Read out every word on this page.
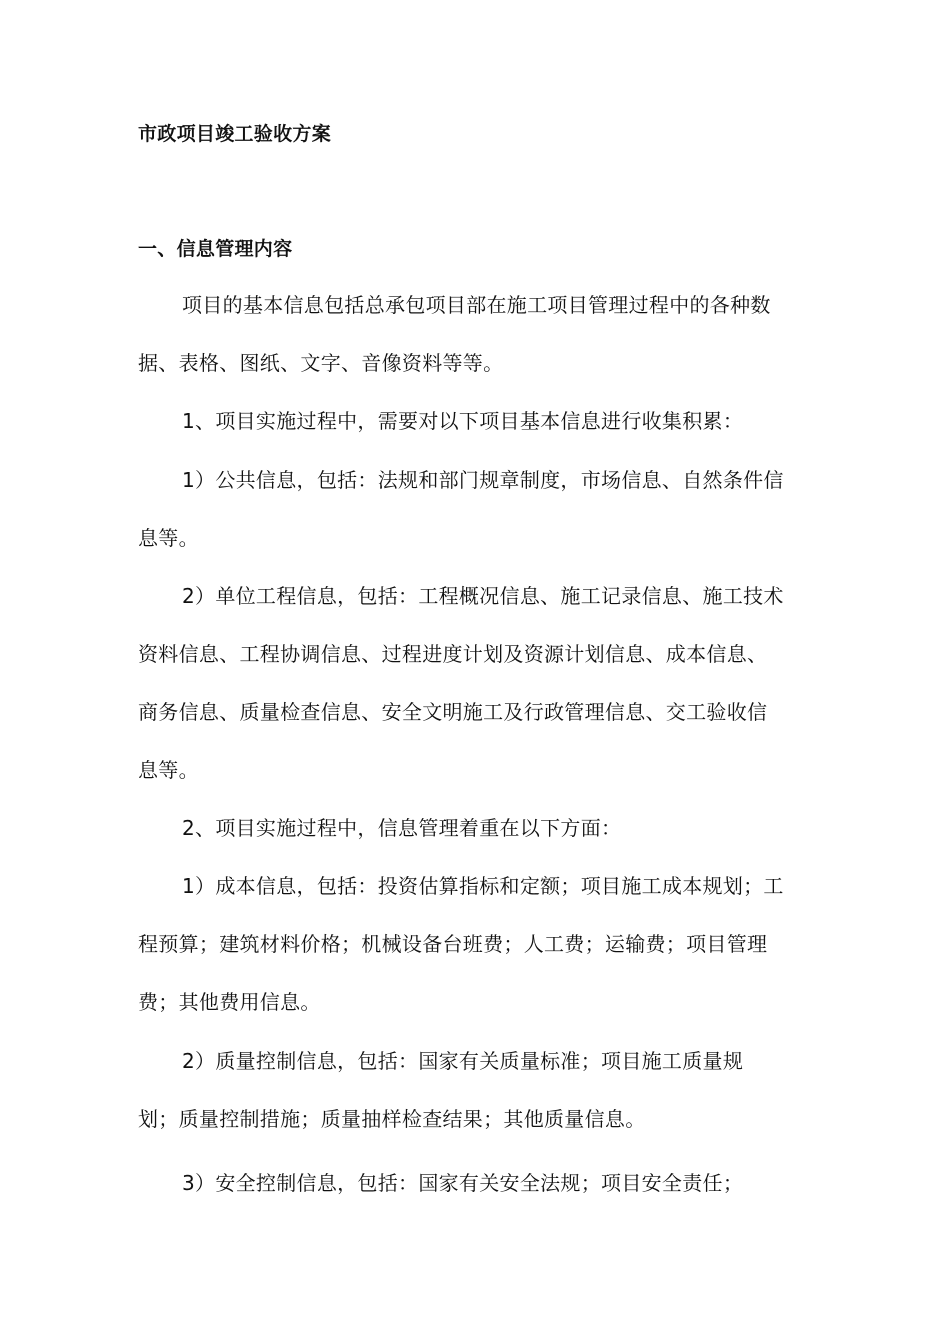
市政项目竣工验收方案
一、信息管理内容
项目的基本信息包括总承包项目部在施工项目管理过程中的各种数
据、表格、图纸、文字、音像资料等等。
1、项目实施过程中，需要对以下项目基本信息进行收集积累：
1）公共信息，包括：法规和部门规章制度，市场信息、自然条件信
息等。
2）单位工程信息，包括：工程概况信息、施工记录信息、施工技术
资料信息、工程协调信息、过程进度计划及资源计划信息、成本信息、
商务信息、质量检查信息、安全文明施工及行政管理信息、交工验收信
息等。
2、项目实施过程中，信息管理着重在以下方面：
1）成本信息，包括：投资估算指标和定额；项目施工成本规划；工
程预算；建筑材料价格；机械设备台班费；人工费；运输费；项目管理
费；其他费用信息。
2）质量控制信息，包括：国家有关质量标准；项目施工质量规
划；质量控制措施；质量抽样检查结果；其他质量信息。
3）安全控制信息，包括：国家有关安全法规；项目安全责任；
